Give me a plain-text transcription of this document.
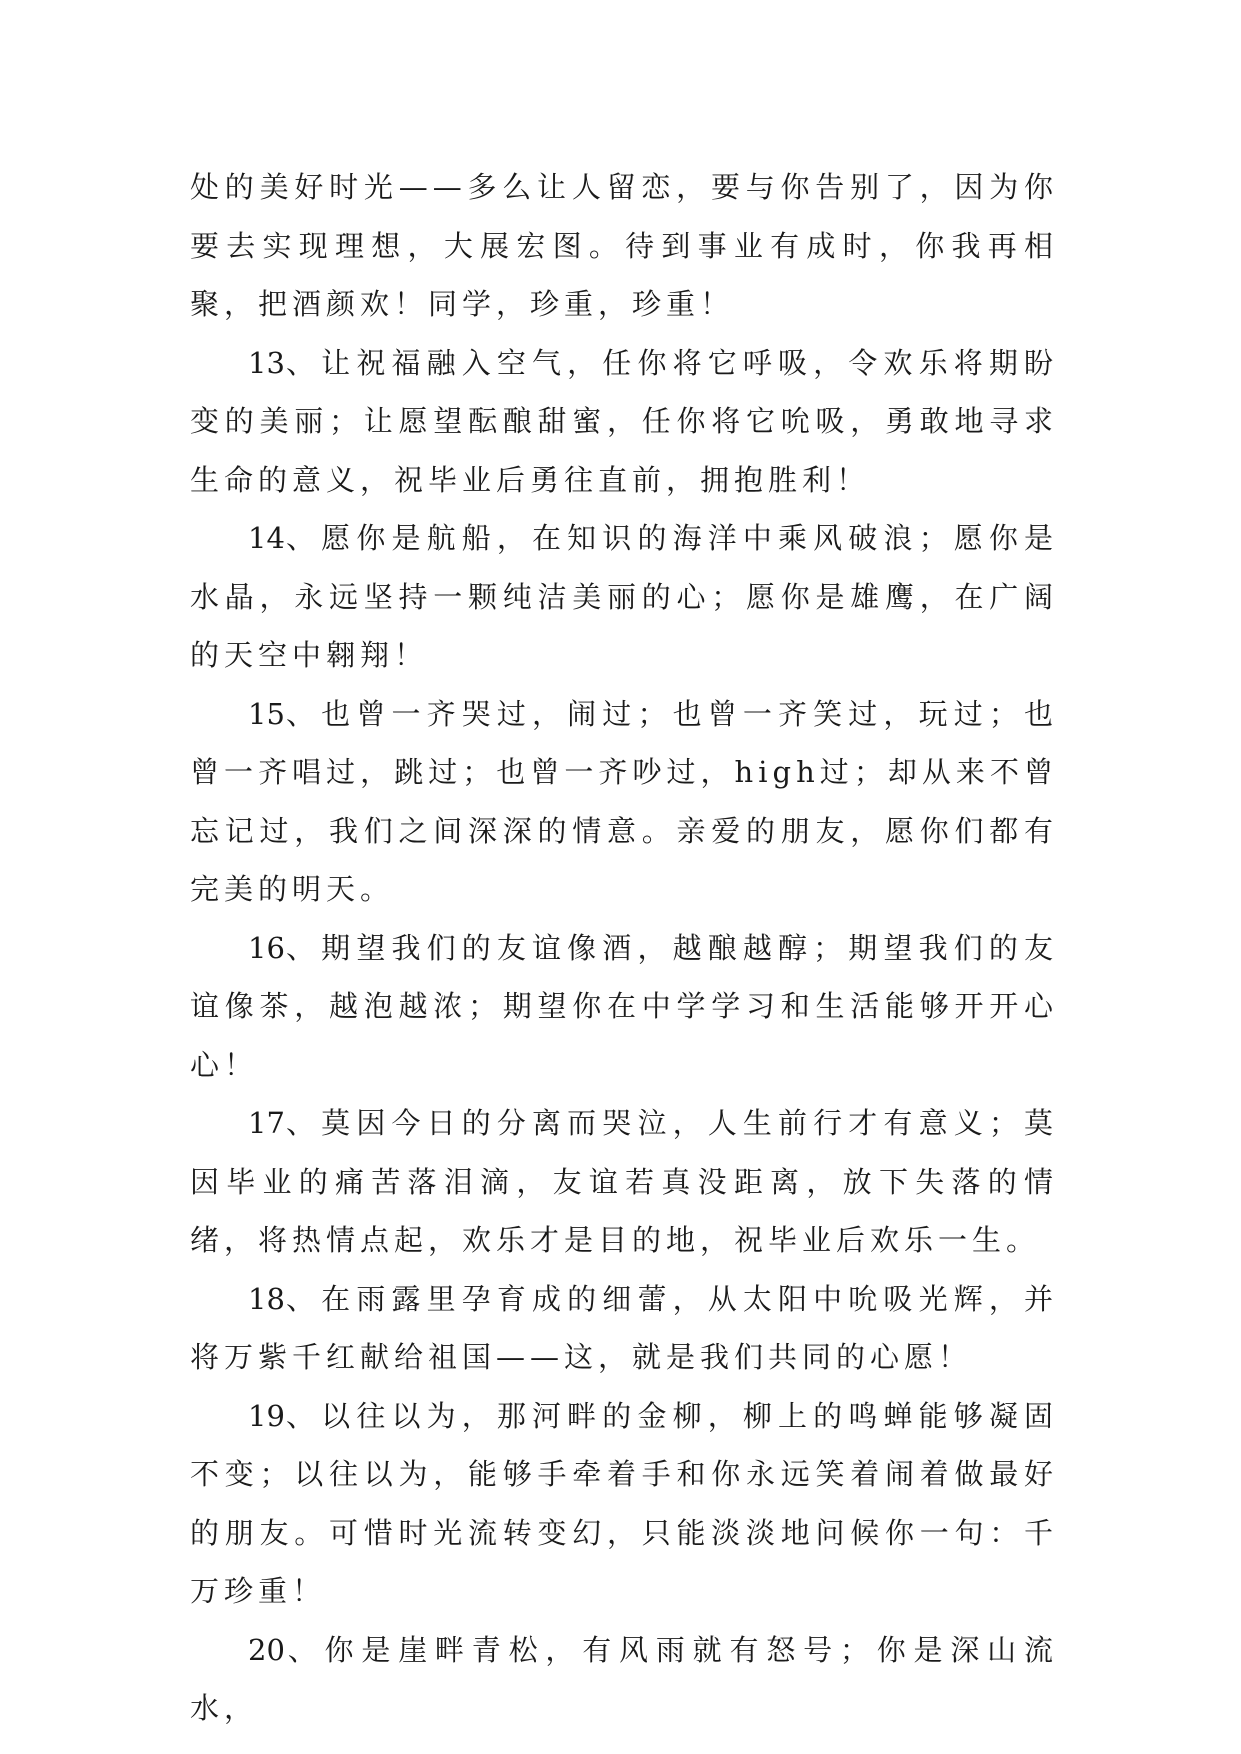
处的美好时光——多么让人留恋，要与你告别了，因为你要去实现理想，大展宏图。待到事业有成时，你我再相聚，把酒颜欢！同学，珍重，珍重！

13、让祝福融入空气，任你将它呼吸，令欢乐将期盼变的美丽；让愿望酝酿甜蜜，任你将它吮吸，勇敢地寻求生命的意义，祝毕业后勇往直前，拥抱胜利！

14、愿你是航船，在知识的海洋中乘风破浪；愿你是水晶，永远坚持一颗纯洁美丽的心；愿你是雄鹰，在广阔的天空中翱翔！

15、也曾一齐哭过，闹过；也曾一齐笑过，玩过；也曾一齐唱过，跳过；也曾一齐吵过，high过；却从来不曾忘记过，我们之间深深的情意。亲爱的朋友，愿你们都有完美的明天。

16、期望我们的友谊像酒，越酿越醇；期望我们的友谊像茶，越泡越浓；期望你在中学学习和生活能够开开心心！

17、莫因今日的分离而哭泣，人生前行才有意义；莫因毕业的痛苦落泪滴，友谊若真没距离，放下失落的情绪，将热情点起，欢乐才是目的地，祝毕业后欢乐一生。

18、在雨露里孕育成的细蕾，从太阳中吮吸光辉，并将万紫千红献给祖国——这，就是我们共同的心愿！

19、以往以为，那河畔的金柳，柳上的鸣蝉能够凝固不变；以往以为，能够手牵着手和你永远笑着闹着做最好的朋友。可惜时光流转变幻，只能淡淡地问候你一句：千万珍重！

20、你是崖畔青松，有风雨就有怒号；你是深山流水，
